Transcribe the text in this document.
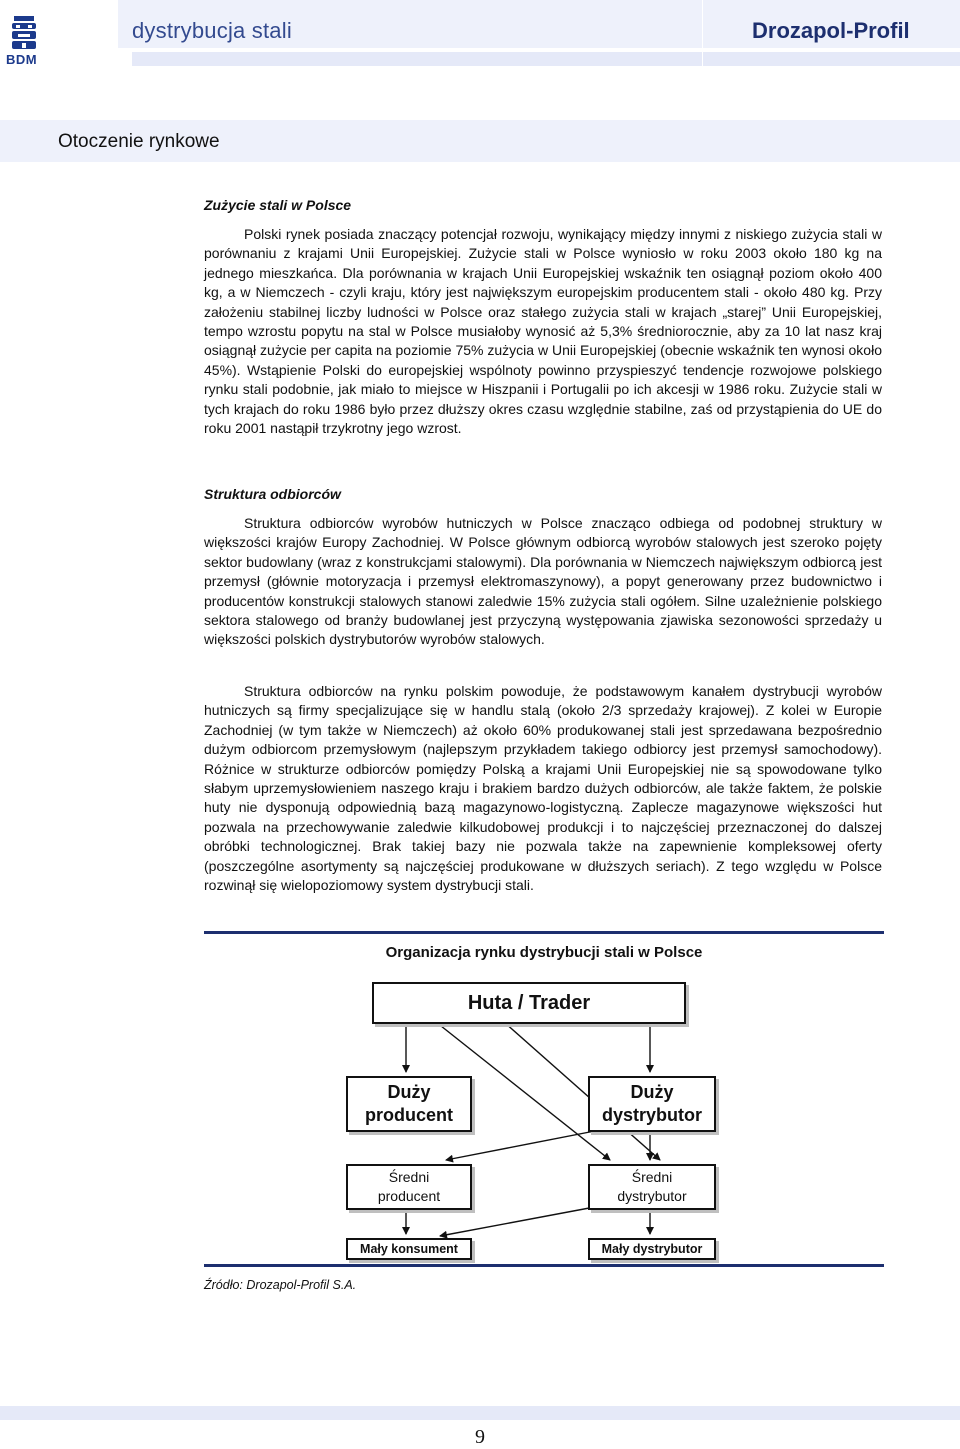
BDM
dystrybucja stali	Drozapol-Profil
Otoczenie rynkowe
Zużycie stali w Polsce
Polski rynek posiada znaczący potencjał rozwoju, wynikający między innymi z niskiego zużycia stali w porównaniu z krajami Unii Europejskiej. Zużycie stali w Polsce wyniosło w roku 2003 około 180 kg na jednego mieszkańca. Dla porównania w krajach Unii Europejskiej wskaźnik ten osiągnął poziom około 400 kg, a w Niemczech - czyli kraju, który jest największym europejskim producentem stali - około 480 kg. Przy założeniu stabilnej liczby ludności w Polsce oraz stałego zużycia stali w krajach „starej” Unii Europejskiej, tempo wzrostu popytu na stal w Polsce musiałoby wynosić aż 5,3% średniorocznie, aby za 10 lat nasz kraj osiągnął zużycie per capita na poziomie 75% zużycia w Unii Europejskiej (obecnie wskaźnik ten wynosi około 45%). Wstąpienie Polski do europejskiej wspólnoty powinno przyspieszyć tendencje rozwojowe polskiego rynku stali podobnie, jak miało to miejsce w Hiszpanii i Portugalii po ich akcesji w 1986 roku. Zużycie stali w tych krajach do roku 1986 było przez dłuższy okres czasu względnie stabilne, zaś od przystąpienia do UE do roku 2001 nastąpił trzykrotny jego wzrost.
Struktura odbiorców
Struktura odbiorców wyrobów hutniczych w Polsce znacząco odbiega od podobnej struktury w większości krajów Europy Zachodniej. W Polsce głównym odbiorcą wyrobów stalowych jest szeroko pojęty sektor budowlany (wraz z konstrukcjami stalowymi). Dla porównania w Niemczech największym odbiorcą jest przemysł (głównie motoryzacja i przemysł elektromaszynowy), a popyt generowany przez budownictwo i producentów konstrukcji stalowych stanowi zaledwie 15% zużycia stali ogółem. Silne uzależnienie polskiego sektora stalowego od branży budowlanej jest przyczyną występowania zjawiska sezonowości sprzedaży u większości polskich dystrybutorów wyrobów stalowych.
Struktura odbiorców na rynku polskim powoduje, że podstawowym kanałem dystrybucji wyrobów hutniczych są firmy specjalizujące się w handlu stalą (około 2/3 sprzedaży krajowej). Z kolei w Europie Zachodniej (w tym także w Niemczech) aż około 60% produkowanej stali jest sprzedawana bezpośrednio dużym odbiorcom przemysłowym (najlepszym przykładem takiego odbiorcy jest przemysł samochodowy). Różnice w strukturze odbiorców pomiędzy Polską a krajami Unii Europejskiej nie są spowodowane tylko słabym uprzemysłowieniem naszego kraju i brakiem bardzo dużych odbiorców, ale także faktem, że polskie huty nie dysponują odpowiednią bazą magazynowo-logistyczną. Zaplecze magazynowe większości hut pozwala na przechowywanie zaledwie kilkudobowej produkcji i to najczęściej przeznaczonej do dalszej obróbki technologicznej. Brak takiej bazy nie pozwala także na zapewnienie kompleksowej oferty (poszczególne asortymenty są najczęściej produkowane w dłuższych seriach). Z tego względu w Polsce rozwinął się wielopoziomowy system dystrybucji stali.
Organizacja rynku dystrybucji stali w Polsce
Huta / Trader
Duży
producent
Duży
dystrybutor
Średni
producent
Średni
dystrybutor
Mały konsument	Mały dystrybutor
Źródło: Drozapol-Profil S.A.
9
